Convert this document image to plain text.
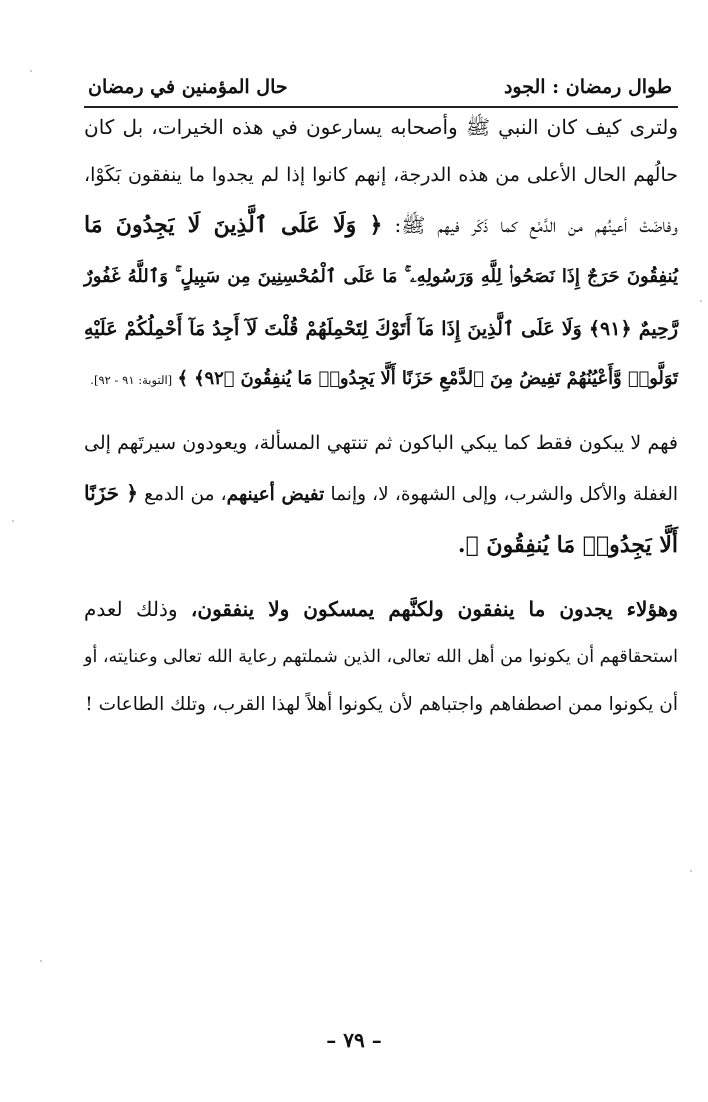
طوال رمضان : الجود
حال المؤمنين في رمضان
ولترى كيف كان النبي ﷺ وأصحابه يسارعون في هذه الخيرات، بل كان
حالُهم الحال الأعلى من هذه الدرجة، إنهم كانوا إذا لم يجدوا ما ينفقون بَكَوْا،
وفاضَتْ أعينُهم من الدَّمْع كما ذَكَر فيهم ﷺ: ﴿ وَلَا عَلَى ٱلَّذِينَ لَا يَجِدُونَ مَا
يُنفِقُونَ حَرَجٌ إِذَا نَصَحُوا۟ لِلَّهِ وَرَسُولِهِۦ ۚ مَا عَلَى ٱلْمُحْسِنِينَ مِن سَبِيلٍ ۚ وَٱللَّهُ غَفُورٌ
رَّحِيمٌ ﴿٩١﴾ وَلَا عَلَى ٱلَّذِينَ إِذَا مَآ أَتَوْكَ لِتَحْمِلَهُمْ قُلْتَ لَآ أَجِدُ مَآ أَحْمِلُكُمْ عَلَيْهِ
تَوَلَّوا۟ وَّأَعْيُنُهُمْ تَفِيضُ مِنَ ٱلدَّمْعِ حَزَنًا أَلَّا يَجِدُوا۟ مَا يُنفِقُونَ ﴿٩٢﴾ ﴾ [التوبة: ٩١ - ٩٢].
فهم لا يبكون فقط كما يبكي الباكون ثم تنتهي المسألة، ويعودون سيرتَهم إلى
الغفلة والأكل والشرب، وإلى الشهوة، لا، وإنما تفيض أعينهم، من الدمع ﴿ حَزَنًا
أَلَّا يَجِدُوا۟ مَا يُنفِقُونَ ﴾.
وهؤلاء يجدون ما ينفقون ولكنَّهم يمسكون ولا ينفقون، وذلك لعدم
استحقاقهم أن يكونوا من أهل الله تعالى، الذين شملتهم رعاية الله تعالى وعنايته، أو
أن يكونوا ممن اصطفاهم واجتباهم لأن يكونوا أهلاً لهذا القرب، وتلك الطاعات !
– ٧٩ –
